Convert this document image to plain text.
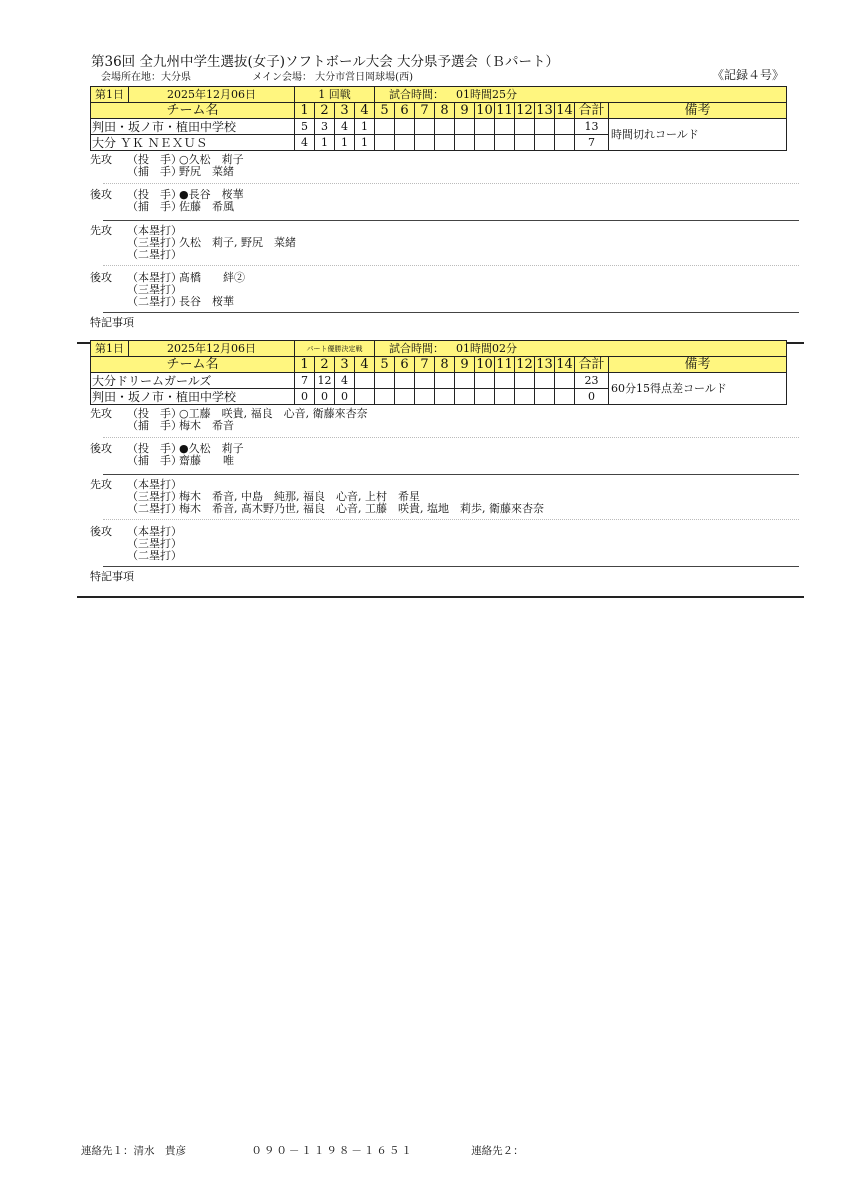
第36回 全九州中学生選抜(女子)ソフトボール大会 大分県予選会（Ｂパート）
会場所在地：大分県	メイン会場： 大分市営日岡球場(西)	《記録４号》
第1日	2025年12月06日	1 回戦				試合時間： 01時間25分	
チーム名		1	2	3	4	5	6	7	8	9	10	11	12	13	14	合計	備考	
判田・坂ノ市・植田中学校		5	3	4	1											13	時間切れコールド	
大分 ＹＫ ＮＥＸＵＳ		4	1	1	1											7		
先攻 （投　手）○久松　莉子
（捕　手）野尻　菜緒
後攻 （投　手）●長谷　桜華
（捕　手）佐藤　希風
先攻 （本塁打）
（三塁打）久松　莉子, 野尻　菜緒
（二塁打）
後攻 （本塁打）髙橋　　絆②
（三塁打）
（二塁打）長谷　桜華
特記事項
第1日	2025年12月06日	パート優勝決定戦				試合時間： 01時間02分	
チーム名		1	2	3	4	5	6	7	8	9	10	11	12	13	14	合計	備考	
大分ドリームガールズ		7	12	4												23	60分15得点差コールド	
判田・坂ノ市・植田中学校		0	0	0												0		
先攻 （投　手）○工藤　咲貴, 福良　心音, 衛藤來杏奈
（捕　手）梅木　希音
後攻 （投　手）●久松　莉子
（捕　手）齋藤　　唯
先攻 （本塁打）
（三塁打）梅木　希音, 中島　純那, 福良　心音, 上村　希星
（二塁打）梅木　希音, 髙木野乃世, 福良　心音, 工藤　咲貴, 塩地　莉歩, 衛藤來杏奈
後攻 （本塁打）
（三塁打）
（二塁打）
特記事項
連絡先１：清水　貴彦	０９０－１１９８－１６５１	連絡先２：
